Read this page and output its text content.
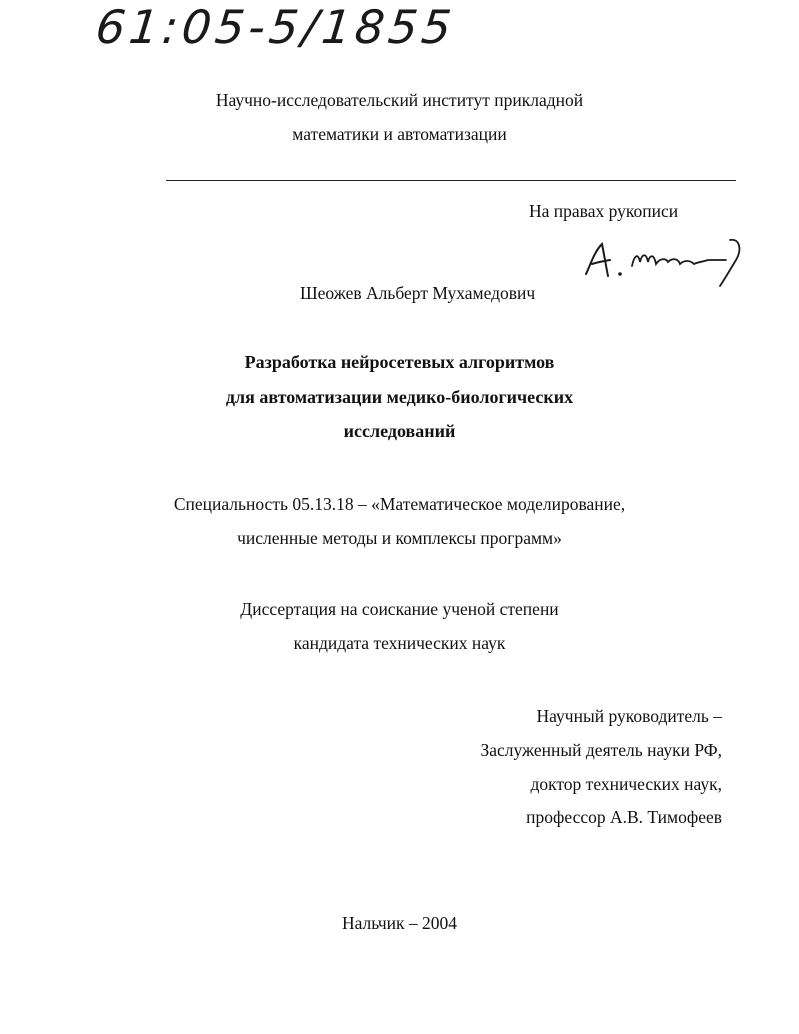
61:05-5/1855
Научно-исследовательский институт прикладной
математики и автоматизации
На правах рукописи
Шеожев Альберт Мухамедович
Разработка нейросетевых алгоритмов
для автоматизации медико-биологических
исследований
Специальность 05.13.18 – «Математическое моделирование,
численные методы и комплексы программ»
Диссертация на соискание ученой степени
кандидата технических наук
Научный руководитель –
Заслуженный деятель науки РФ,
доктор технических наук,
профессор А.В. Тимофеев
Нальчик – 2004
